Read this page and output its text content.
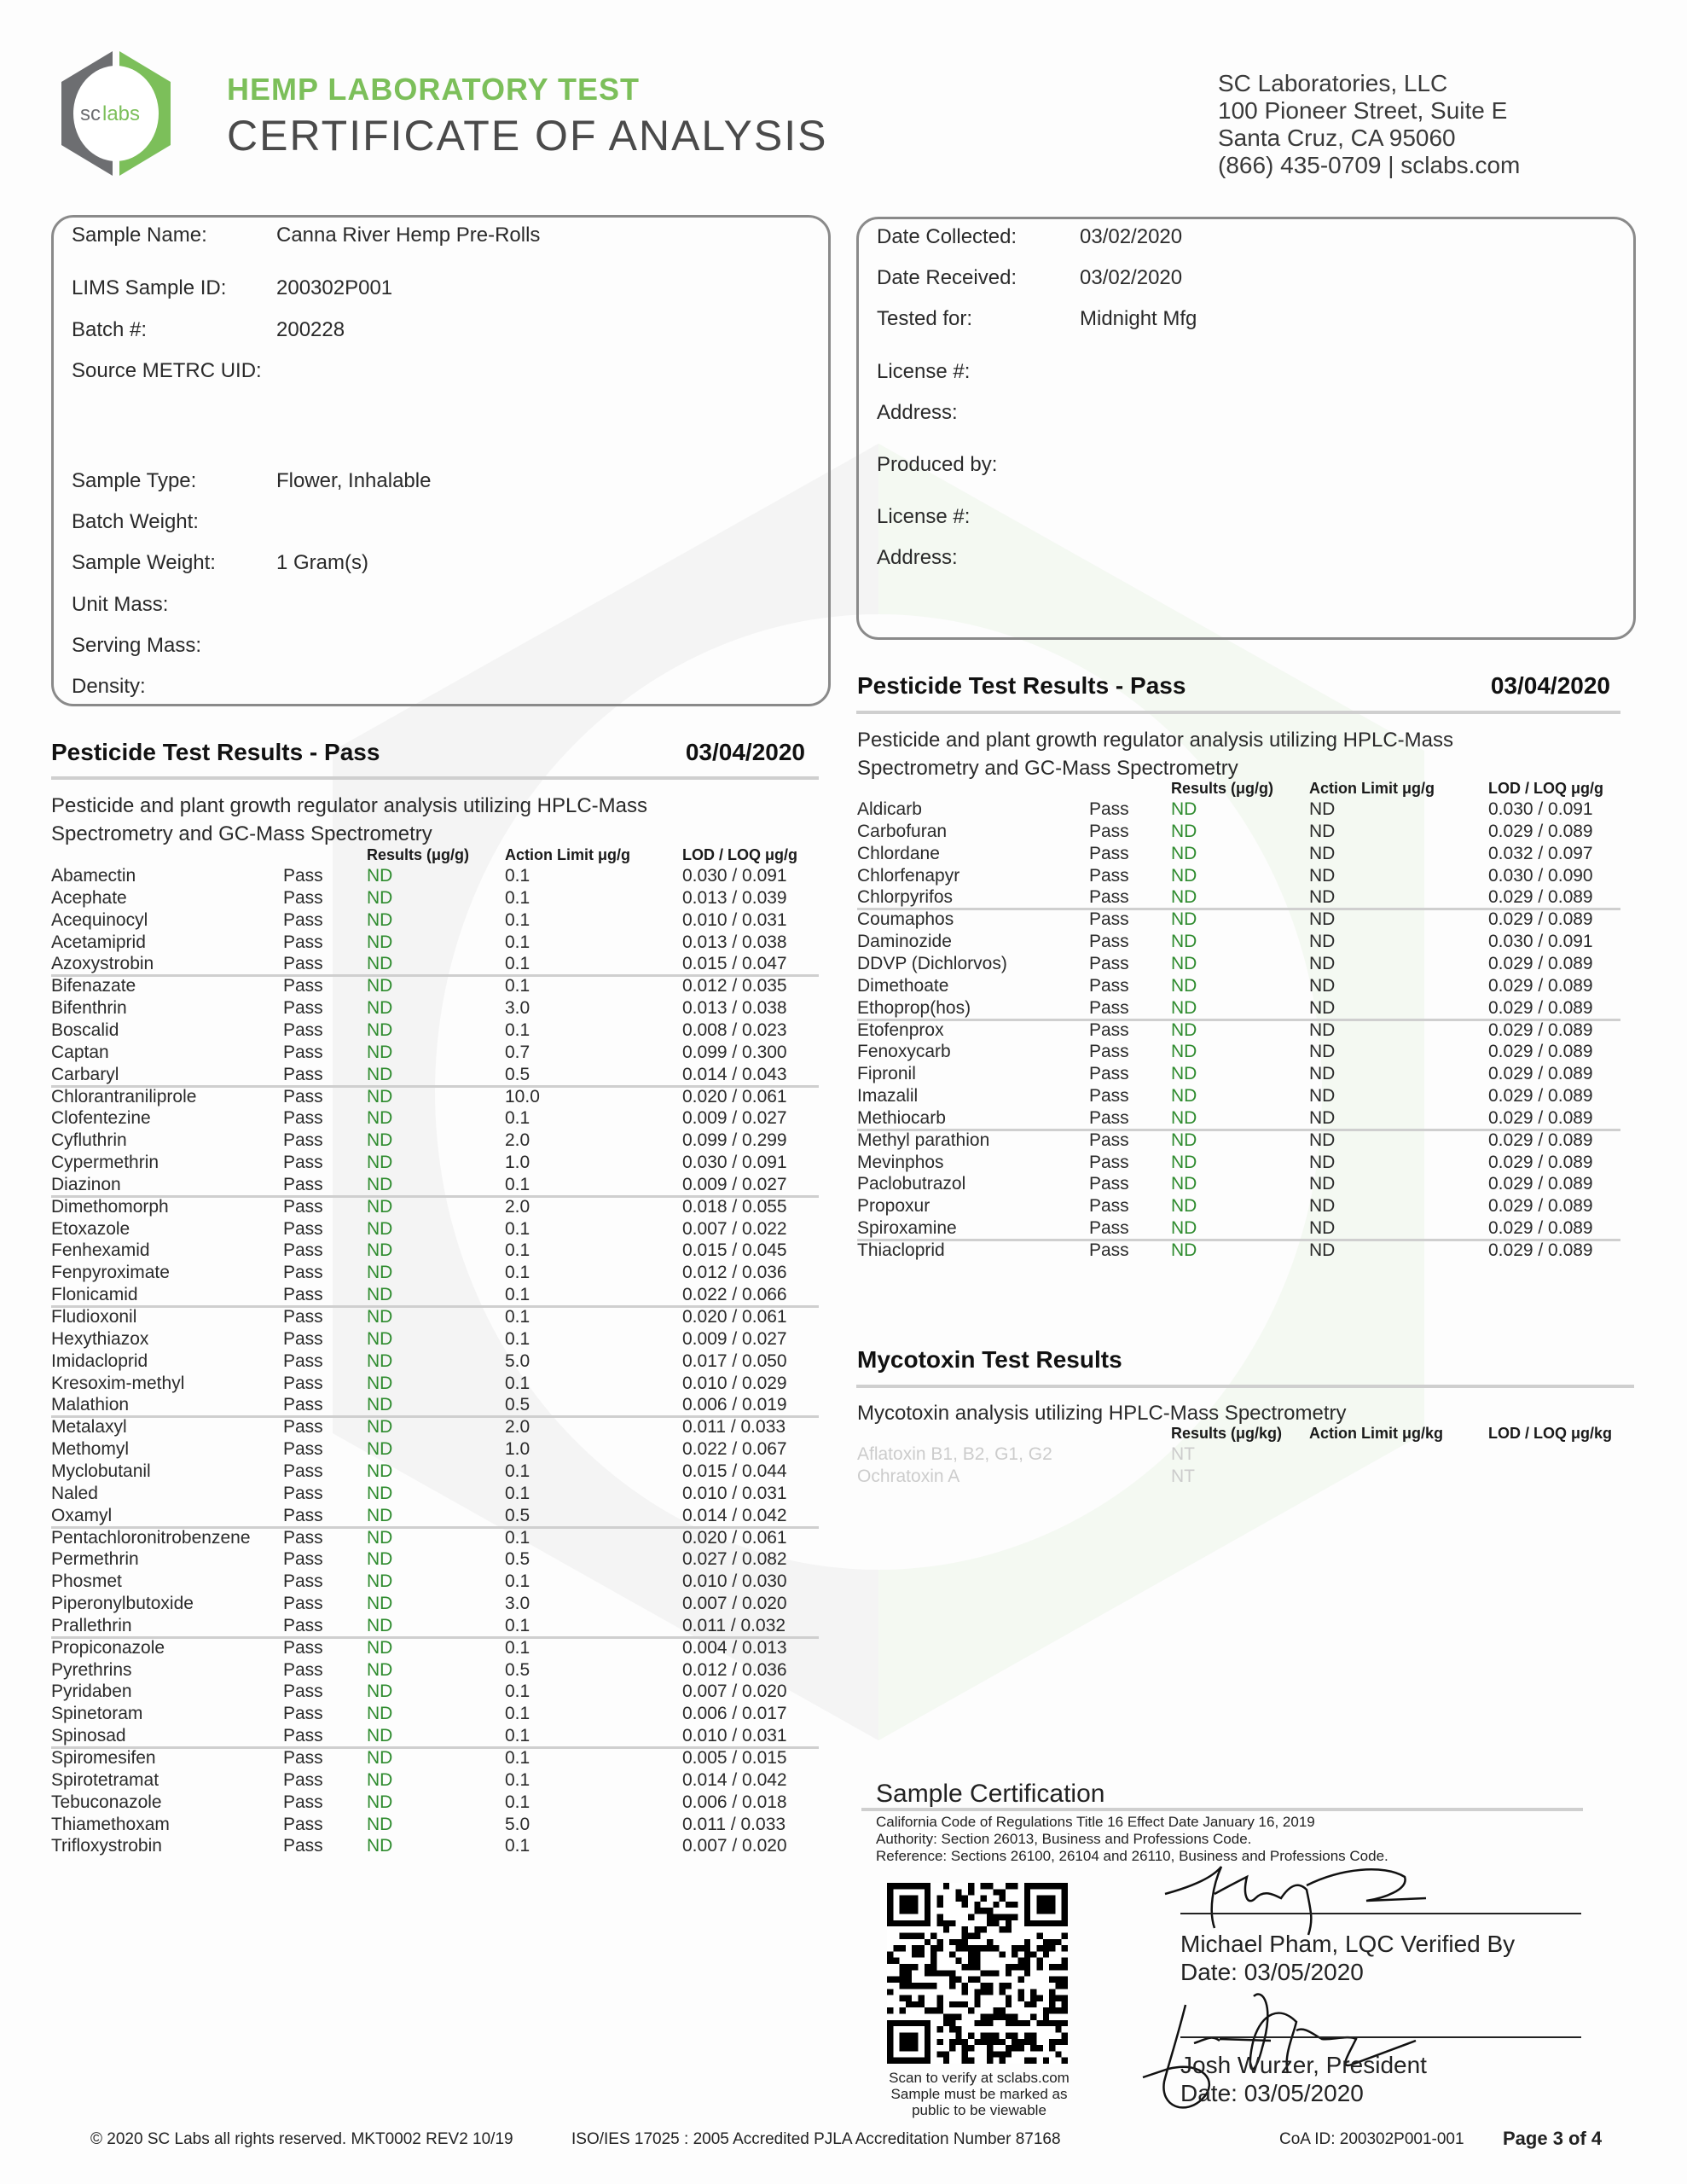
sc labs
HEMP LABORATORY TEST
CERTIFICATE OF ANALYSIS
SC Laboratories, LLC
100 Pioneer Street, Suite E
Santa Cruz, CA 95060
(866) 435-0709 | sclabs.com
Sample Name:	Canna River Hemp Pre-Rolls
LIMS Sample ID: 200302P001
Batch #:	200228
Source METRC UID:
Sample Type:	Flower, Inhalable
Batch Weight:
Sample Weight:	1 Gram(s)
Unit Mass:
Serving Mass:
Density:
Date Collected:	03/02/2020
Date Received:	03/02/2020
Tested for:	Midnight Mfg
License #:
Address:
Produced by:
License #:
Address:
Pesticide Test Results - Pass	03/04/2020
Pesticide and plant growth regulator analysis utilizing HPLC-Mass
Spectrometry and GC-Mass Spectrometry
Results (μg/g) Action Limit μg/g	LOD / LOQ μg/g
Abamectin	Pass ND	0.1	0.030 / 0.091
Acephate	Pass ND	0.1	0.013 / 0.039
Acequinocyl	Pass ND	0.1	0.010 / 0.031
Acetamiprid	Pass ND	0.1	0.013 / 0.038
Azoxystrobin	Pass ND	0.1	0.015 / 0.047
Bifenazate	Pass ND	0.1	0.012 / 0.035
Bifenthrin	Pass ND	3.0	0.013 / 0.038
Boscalid	Pass ND	0.1	0.008 / 0.023
Captan	Pass ND	0.7	0.099 / 0.300
Carbaryl	Pass ND	0.5	0.014 / 0.043
Chlorantraniliprole	Pass ND	10.0	0.020 / 0.061
Clofentezine	Pass ND	0.1	0.009 / 0.027
Cyfluthrin	Pass ND	2.0	0.099 / 0.299
Cypermethrin	Pass ND	1.0	0.030 / 0.091
Diazinon	Pass ND	0.1	0.009 / 0.027
Dimethomorph	Pass ND	2.0	0.018 / 0.055
Etoxazole	Pass ND	0.1	0.007 / 0.022
Fenhexamid	Pass ND	0.1	0.015 / 0.045
Fenpyroximate	Pass ND	0.1	0.012 / 0.036
Flonicamid	Pass ND	0.1	0.022 / 0.066
Fludioxonil	Pass ND	0.1	0.020 / 0.061
Hexythiazox	Pass ND	0.1	0.009 / 0.027
Imidacloprid	Pass ND	5.0	0.017 / 0.050
Kresoxim-methyl	Pass ND	0.1	0.010 / 0.029
Malathion	Pass ND	0.5	0.006 / 0.019
Metalaxyl	Pass ND	2.0	0.011 / 0.033
Methomyl	Pass ND	1.0	0.022 / 0.067
Myclobutanil	Pass ND	0.1	0.015 / 0.044
Naled	Pass ND	0.1	0.010 / 0.031
Oxamyl	Pass ND	0.5	0.014 / 0.042
Pentachloronitrobenzene Pass ND	0.1	0.020 / 0.061
Permethrin	Pass ND	0.5	0.027 / 0.082
Phosmet	Pass ND	0.1	0.010 / 0.030
Piperonylbutoxide	Pass ND	3.0	0.007 / 0.020
Prallethrin	Pass ND	0.1	0.011 / 0.032
Propiconazole	Pass ND	0.1	0.004 / 0.013
Pyrethrins	Pass ND	0.5	0.012 / 0.036
Pyridaben	Pass ND	0.1	0.007 / 0.020
Spinetoram	Pass ND	0.1	0.006 / 0.017
Spinosad	Pass ND	0.1	0.010 / 0.031
Spiromesifen	Pass ND	0.1	0.005 / 0.015
Spirotetramat	Pass ND	0.1	0.014 / 0.042
Tebuconazole	Pass ND	0.1	0.006 / 0.018
Thiamethoxam	Pass ND	5.0	0.011 / 0.033
Trifloxystrobin	Pass ND	0.1	0.007 / 0.020
Pesticide Test Results - Pass	03/04/2020
Pesticide and plant growth regulator analysis utilizing HPLC-Mass
Spectrometry and GC-Mass Spectrometry
Results (μg/g) Action Limit μg/g	LOD / LOQ μg/g
Aldicarb	Pass ND	ND	0.030 / 0.091
Carbofuran	Pass ND	ND	0.029 / 0.089
Chlordane	Pass ND	ND	0.032 / 0.097
Chlorfenapyr	Pass ND	ND	0.030 / 0.090
Chlorpyrifos	Pass ND	ND	0.029 / 0.089
Coumaphos	Pass ND	ND	0.029 / 0.089
Daminozide	Pass ND	ND	0.030 / 0.091
DDVP (Dichlorvos)	Pass ND	ND	0.029 / 0.089
Dimethoate	Pass ND	ND	0.029 / 0.089
Ethoprop(hos)	Pass ND	ND	0.029 / 0.089
Etofenprox	Pass ND	ND	0.029 / 0.089
Fenoxycarb	Pass ND	ND	0.029 / 0.089
Fipronil	Pass ND	ND	0.029 / 0.089
Imazalil	Pass ND	ND	0.029 / 0.089
Methiocarb	Pass ND	ND	0.029 / 0.089
Methyl parathion	Pass ND	ND	0.029 / 0.089
Mevinphos	Pass ND	ND	0.029 / 0.089
Paclobutrazol	Pass ND	ND	0.029 / 0.089
Propoxur	Pass ND	ND	0.029 / 0.089
Spiroxamine	Pass ND	ND	0.029 / 0.089
Thiacloprid	Pass ND	ND	0.029 / 0.089
Mycotoxin Test Results
Mycotoxin analysis utilizing HPLC-Mass Spectrometry
Results (μg/kg) Action Limit μg/kg	LOD / LOQ μg/kg
Aflatoxin B1, B2, G1, G2	NT
Ochratoxin A	NT
Sample Certification
California Code of Regulations Title 16 Effect Date January 16, 2019
Authority: Section 26013, Business and Professions Code.
Reference: Sections 26100, 26104 and 26110, Business and Professions Code.
Scan to verify at sclabs.com
Sample must be marked as
public to be viewable
Michael Pham, LQC Verified By
Date: 03/05/2020
Josh Wurzer, President
Date: 03/05/2020
© 2020 SC Labs all rights reserved. MKT0002 REV2 10/19	ISO/IES 17025 : 2005 Accredited PJLA Accreditation Number 87168	CoA ID: 200302P001-001 Page 3 of 4
